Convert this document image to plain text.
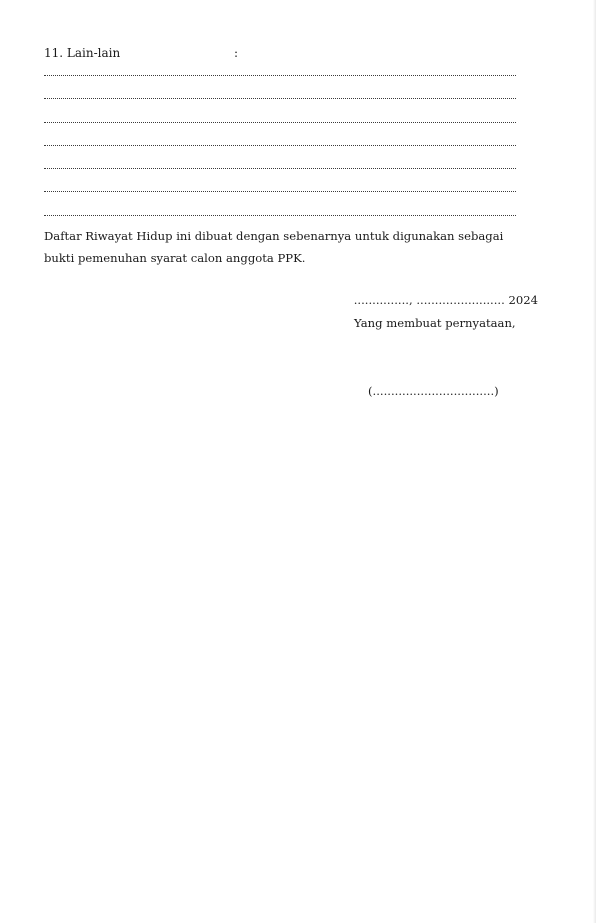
11. Lain-lain	:

Daftar Riwayat Hidup ini dibuat dengan sebenarnya untuk digunakan sebagai

bukti pemenuhan syarat calon anggota PPK.

..............., ........................ 2024
Yang membuat pernyataan,
(.................................)
